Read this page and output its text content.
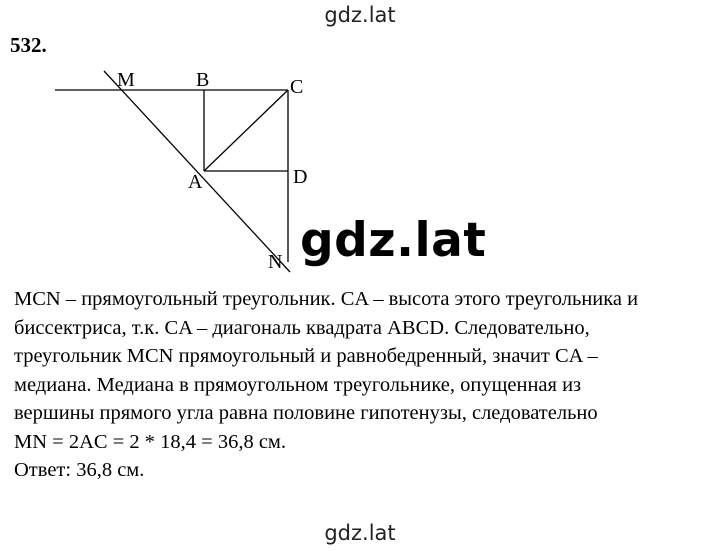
gdz.lat
532.
M	B	C
A	D
N gdz.lat
MCN – прямоугольный треугольник. CA – высота этого треугольника и
биссектриса, т.к. CA – диагональ квадрата ABCD. Следовательно,
треугольник MCN прямоугольный и равнобедренный, значит CA –
медиана. Медиана в прямоугольном треугольнике, опущенная из
вершины прямого угла равна половине гипотенузы, следовательно
MN = 2AC = 2 * 18,4 = 36,8 см.
Ответ: 36,8 см.
gdz.lat
